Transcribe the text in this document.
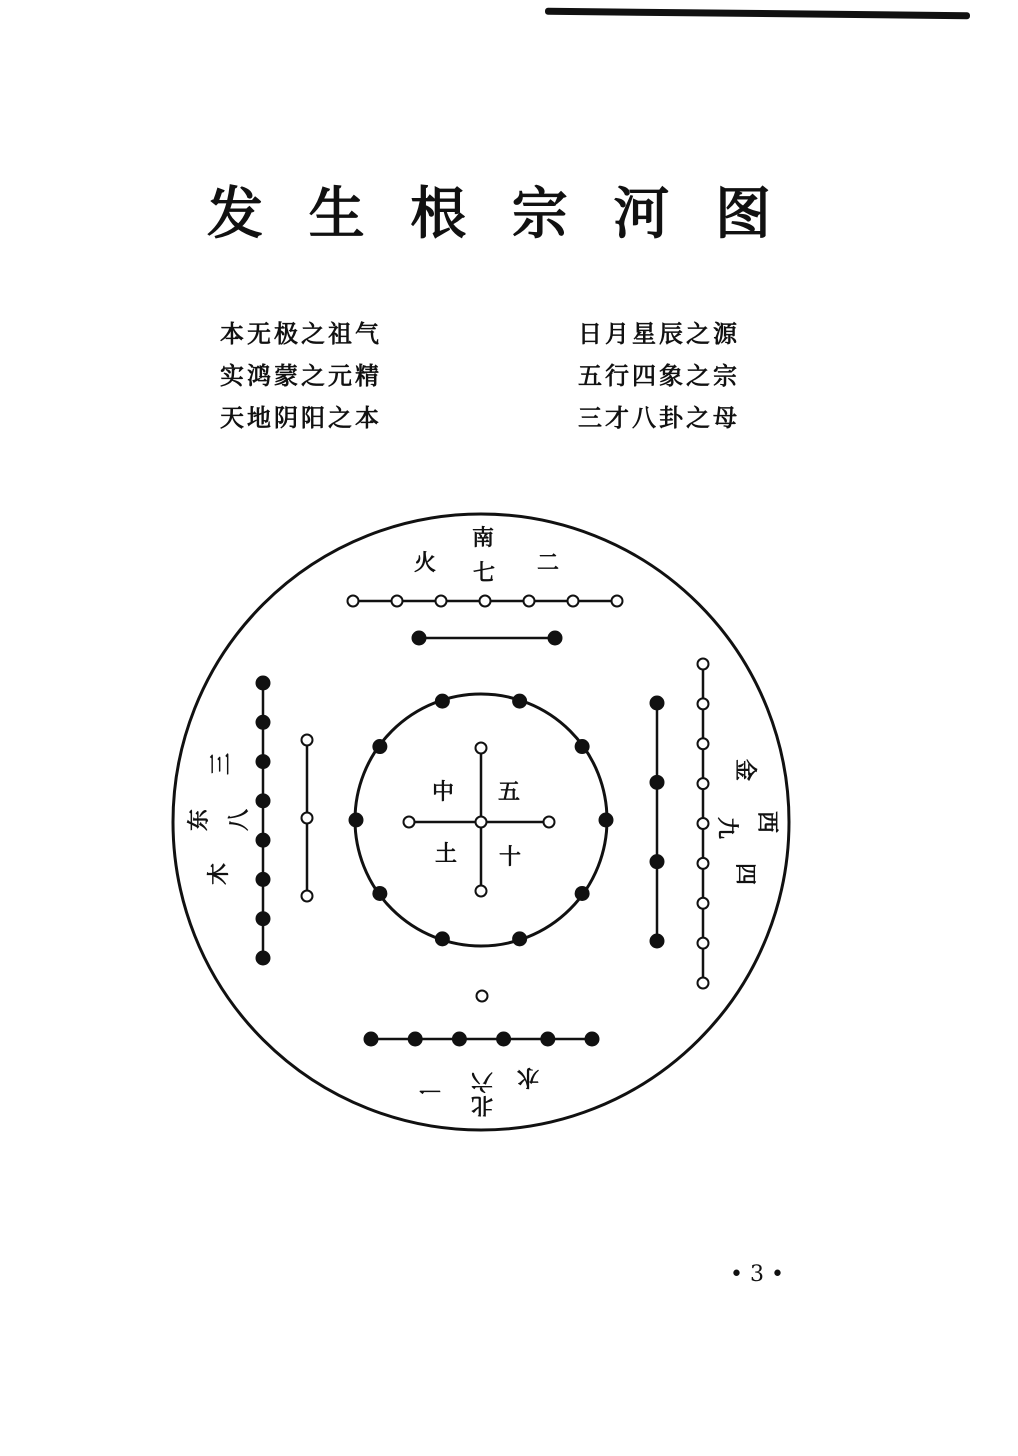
发 生 根 宗 河 图
本无极之祖气
实鸿蒙之元精
天地阴阳之本
日月星辰之源
五行四象之宗
三才八卦之母
南
火 七 二
北
水
六
一
三
东 八
木
金
西
九
四
中 五
土 十
• 3 •
